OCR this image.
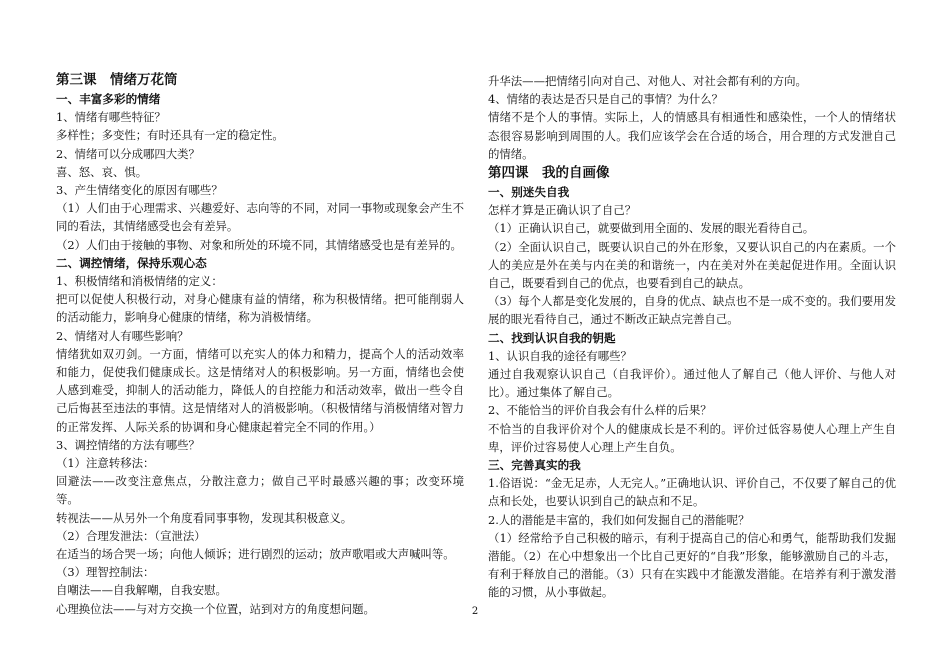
第三课　情绪万花筒

一、丰富多彩的情绪

1、情绪有哪些特征？

多样性；多变性；有时还具有一定的稳定性。

2、情绪可以分成哪四大类？

喜、怒、哀、惧。

3、产生情绪变化的原因有哪些？

（1）人们由于心理需求、兴趣爱好、志向等的不同，对同一事物或现象会产生不同的看法，其情绪感受也会有差异。

（2）人们由于接触的事物、对象和所处的环境不同，其情绪感受也是有差异的。

二、调控情绪，保持乐观心态

1、积极情绪和消极情绪的定义：

把可以促使人积极行动，对身心健康有益的情绪，称为积极情绪。把可能削弱人的活动能力，影响身心健康的情绪，称为消极情绪。

2、情绪对人有哪些影响？

情绪犹如双刃剑。一方面，情绪可以充实人的体力和精力，提高个人的活动效率和能力，促使我们健康成长。这是情绪对人的积极影响。另一方面，情绪也会使人感到难受，抑制人的活动能力，降低人的自控能力和活动效率，做出一些令自己后悔甚至违法的事情。这是情绪对人的消极影响。（积极情绪与消极情绪对智力的正常发挥、人际关系的协调和身心健康起着完全不同的作用。）

3、调控情绪的方法有哪些？

（1）注意转移法：

回避法——改变注意焦点，分散注意力；做自己平时最感兴趣的事；改变环境等。

转视法——从另外一个角度看同事事物，发现其积极意义。

（2）合理发泄法：（宣泄法）

在适当的场合哭一场；向他人倾诉；进行剧烈的运动；放声歌唱或大声喊叫等。

（3）理智控制法：

自嘲法——自我解嘲，自我安慰。

心理换位法——与对方交换一个位置，站到对方的角度想问题。

升华法——把情绪引向对自己、对他人、对社会都有利的方向。

4、情绪的表达是否只是自己的事情？为什么？

情绪不是个人的事情。实际上，人的情感具有相通性和感染性，一个人的情绪状态很容易影响到周围的人。我们应该学会在合适的场合，用合理的方式发泄自己的情绪。

第四课　我的自画像

一、别迷失自我

怎样才算是正确认识了自己？

（1）正确认识自己，就要做到用全面的、发展的眼光看待自己。

（2）全面认识自己，既要认识自己的外在形象，又要认识自己的内在素质。一个人的美应是外在美与内在美的和谐统一，内在美对外在美起促进作用。全面认识自己，既要看到自己的优点，也要看到自己的缺点。

（3）每个人都是变化发展的，自身的优点、缺点也不是一成不变的。我们要用发展的眼光看待自己，通过不断改正缺点完善自己。

二、找到认识自我的钥匙

1、认识自我的途径有哪些？

通过自我观察认识自己（自我评价）。通过他人了解自己（他人评价、与他人对比）。通过集体了解自己。

2、不能恰当的评价自我会有什么样的后果？

不恰当的自我评价对个人的健康成长是不利的。评价过低容易使人心理上产生自卑，评价过容易使人心理上产生自负。

三、完善真实的我

1.俗语说：“金无足赤，人无完人。”正确地认识、评价自己，不仅要了解自己的优点和长处，也要认识到自己的缺点和不足。

2.人的潜能是丰富的，我们如何发掘自己的潜能呢？

（1）经常给予自己积极的暗示，有利于提高自己的信心和勇气，能帮助我们发掘潜能。（2）在心中想象出一个比自己更好的“自我”形象，能够激励自己的斗志，有利于释放自己的潜能。（3）只有在实践中才能激发潜能。在培养有利于激发潜能的习惯，从小事做起。

2
